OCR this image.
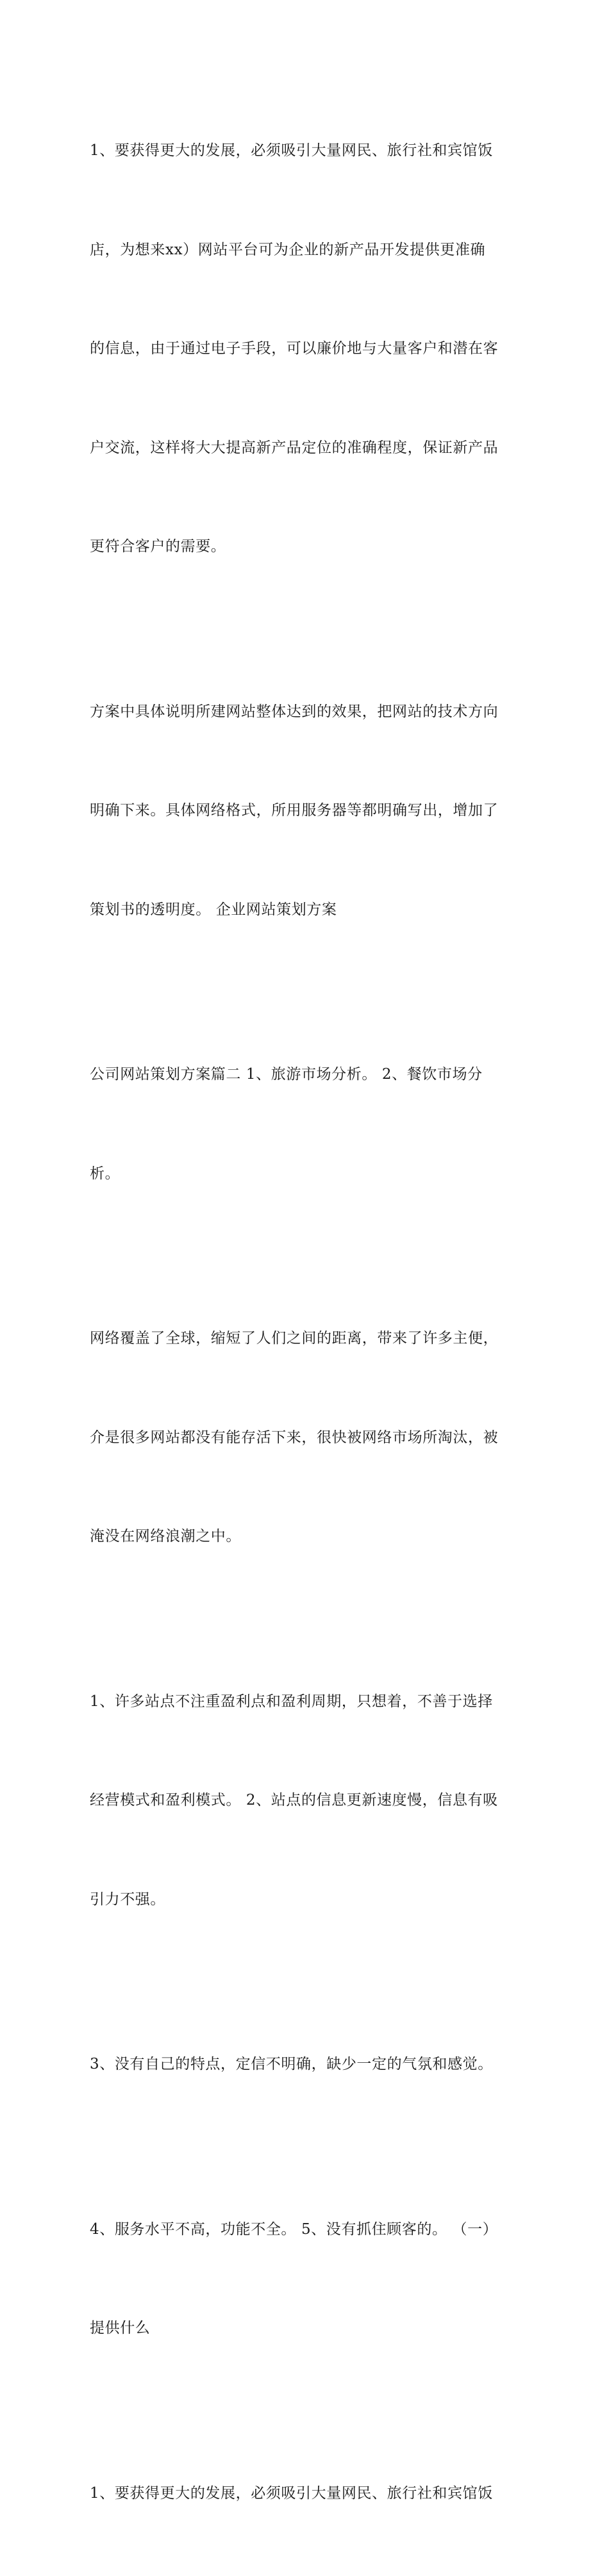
1、要获得更大的发展，必须吸引大量网民、旅行社和宾馆饭

店，为想来xx）网站平台可为企业的新产品开发提供更准确

的信息，由于通过电子手段，可以廉价地与大量客户和潜在客

户交流，这样将大大提高新产品定位的准确程度，保证新产品

更符合客户的需要。

方案中具体说明所建网站整体达到的效果，把网站的技术方向

明确下来。具体网络格式，所用服务器等都明确写出，增加了

策划书的透明度。 企业网站策划方案

公司网站策划方案篇二 1、旅游市场分析。 2、餐饮市场分

析。

网络覆盖了全球，缩短了人们之间的距离，带来了许多主便，

介是很多网站都没有能存活下来，很快被网络市场所淘汰，被

淹没在网络浪潮之中。

1、许多站点不注重盈利点和盈利周期，只想着，不善于选择

经营模式和盈利模式。 2、站点的信息更新速度慢，信息有吸

引力不强。

3、没有自己的特点，定信不明确，缺少一定的气氛和感觉。

4、服务水平不高，功能不全。 5、没有抓住顾客的。 （一）

提供什么

1、要获得更大的发展，必须吸引大量网民、旅行社和宾馆饭
